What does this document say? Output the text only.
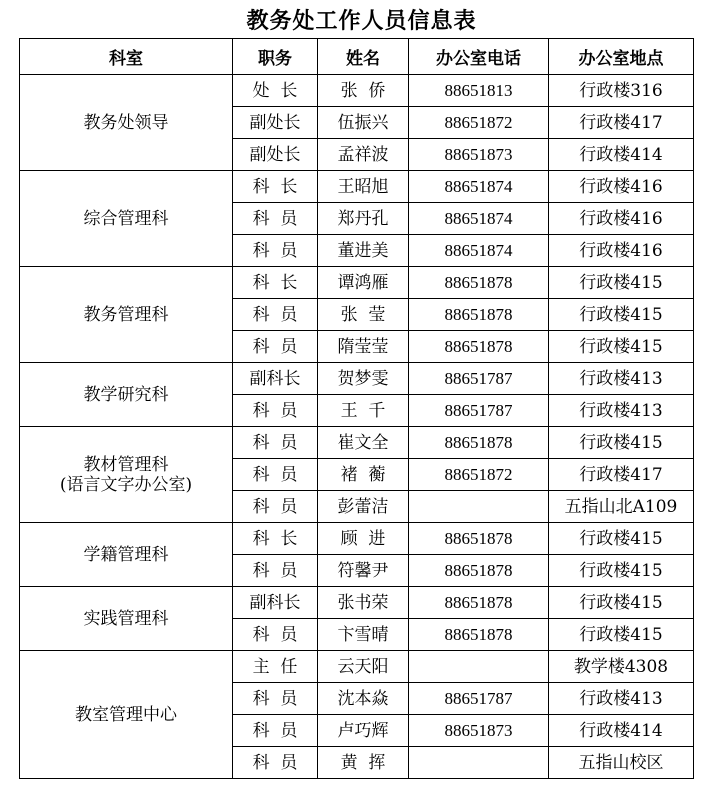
教务处工作人员信息表
科室	职务	姓名	办公室电话	办公室地点

教务处领导	处  长	张  侨	88651813	行政楼316
	副处长	伍振兴	88651872	行政楼417
	副处长	孟祥波	88651873	行政楼414

综合管理科	科  长	王昭旭	88651874	行政楼416
	科  员	郑丹孔	88651874	行政楼416
	科  员	董进美	88651874	行政楼416

教务管理科	科  长	谭鸿雁	88651878	行政楼415
	科  员	张  莹	88651878	行政楼415
	科  员	隋莹莹	88651878	行政楼415

教学研究科	副科长	贺梦雯	88651787	行政楼413
	科  员	王  千	88651787	行政楼413

教材管理科
(语言文字办公室)	科  员	崔文全	88651878	行政楼415
	科  员	褚  蘅	88651872	行政楼417
	科  员	彭蕾洁		五指山北A109

学籍管理科	科  长	顾  进	88651878	行政楼415
	科  员	符馨尹	88651878	行政楼415

实践管理科	副科长	张书荣	88651878	行政楼415
	科  员	卞雪晴	88651878	行政楼415

教室管理中心	主  任	云天阳		教学楼4308
	科  员	沈本焱	88651787	行政楼413
	科  员	卢巧辉	88651873	行政楼414
	科  员	黄  挥		五指山校区
